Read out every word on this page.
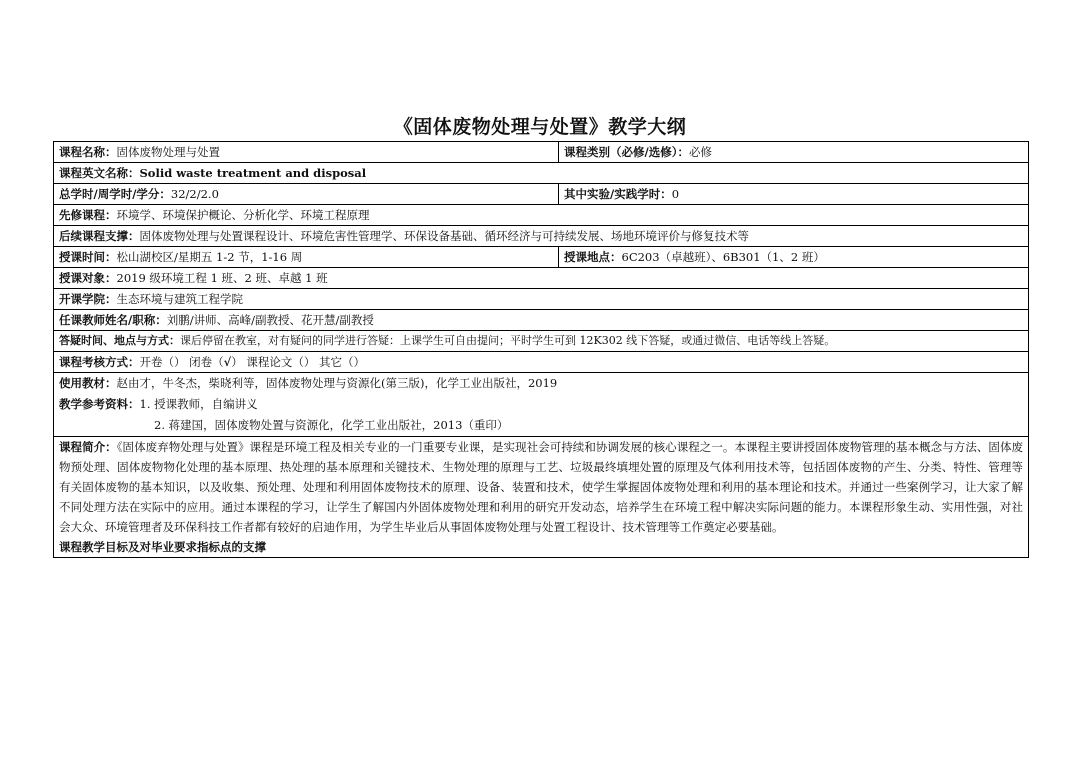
《固体废物处理与处置》教学大纲
课程名称：固体废物处理与处置	课程类别（必修/选修）：必修
课程英文名称：Solid waste treatment and disposal	
总学时/周学时/学分：32/2/2.0	其中实验/实践学时：0
先修课程：环境学、环境保护概论、分析化学、环境工程原理	
后续课程支撑：固体废物处理与处置课程设计、环境危害性管理学、环保设备基础、循环经济与可持续发展、场地环境评价与修复技术等	
授课时间：松山湖校区/星期五 1-2 节，1-16 周	授课地点：6C203（卓越班）、6B301（1、2 班）
授课对象：2019 级环境工程 1 班、2 班、卓越 1 班	
开课学院：生态环境与建筑工程学院	
任课教师姓名/职称：刘鹏/讲师、高峰/副教授、花开慧/副教授	
答疑时间、地点与方式：课后停留在教室，对有疑问的同学进行答疑：上课学生可自由提问；平时学生可到 12K302 线下答疑，或通过微信、电话等线上答疑。	
课程考核方式：开卷（） 闭卷（√） 课程论文（） 其它（）	

使用教材：赵由才，牛冬杰，柴晓利等，固体废物处理与资源化(第三版)，化学工业出版社，2019
教学参考资料：1. 授课教师，自编讲义
2. 蒋建国，固体废物处置与资源化，化学工业出版社，2013（重印）	

课程简介：《固体废弃物处理与处置》课程是环境工程及相关专业的一门重要专业课，是实现社会可持续和协调发展的核心课程之一。本课程主要讲授固体废物管理的基本概念与方法、固体废物预处理、固体废物物化处理的基本原理、热处理的基本原理和关键技术、生物处理的原理与工艺、垃圾最终填埋处置的原理及气体利用技术等，包括固体废物的产生、分类、特性、管理等有关固体废物的基本知识，以及收集、预处理、处理和利用固体废物技术的原理、设备、装置和技术，使学生掌握固体废物处理和利用的基本理论和技术。并通过一些案例学习，让大家了解不同处理方法在实际中的应用。通过本课程的学习，让学生了解国内外固体废物处理和利用的研究开发动态，培养学生在环境工程中解决实际问题的能力。本课程形象生动、实用性强，对社会大众、环境管理者及环保科技工作者都有较好的启迪作用，为学生毕业后从事固体废物处理与处置工程设计、技术管理等工作奠定必要基础。
课程教学目标及对毕业要求指标点的支撑	
